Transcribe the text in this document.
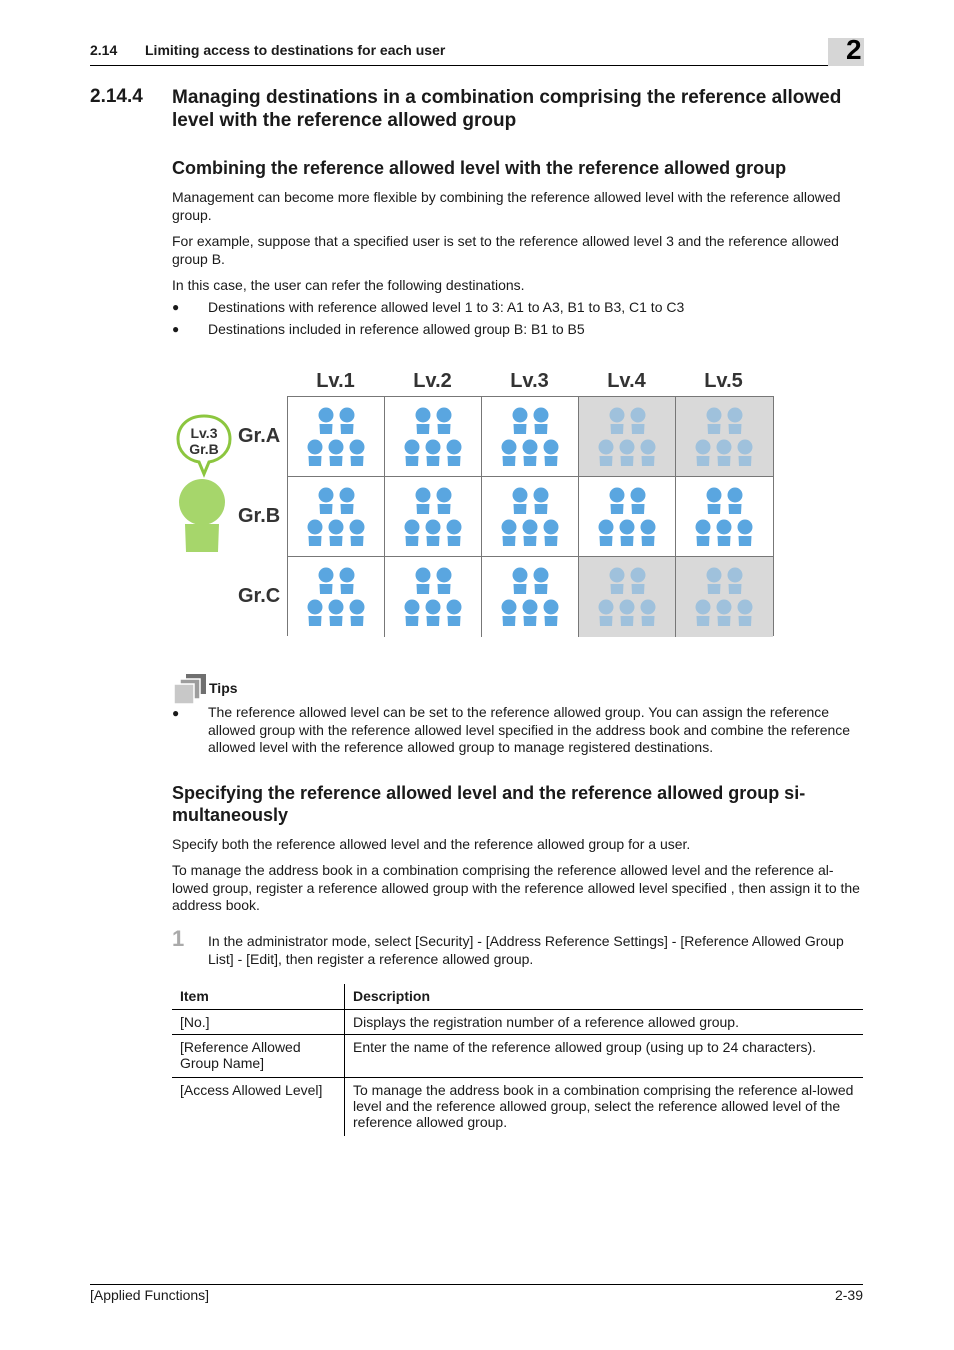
2.14 Limiting access to destinations for each user	2
2.14.4 Managing destinations in a combination comprising the reference allowed level with the reference allowed group
Combining the reference allowed level with the reference allowed group
Management can become more flexible by combining the reference allowed level with the reference allowed group.
For example, suppose that a specified user is set to the reference allowed level 3 and the reference allowed group B.
In this case, the user can refer the following destinations.
● Destinations with reference allowed level 1 to 3: A1 to A3, B1 to B3, C1 to C3
● Destinations included in reference allowed group B: B1 to B5
Lv.1	Lv.2	Lv.3	Lv.4	Lv.5
Gr.A
Gr.B
Gr.C
Lv.3
Gr.B
Tips
● The reference allowed level can be set to the reference allowed group. You can assign the reference allowed group with the reference allowed level specified in the address book and combine the reference allowed level with the reference allowed group to manage registered destinations.
Specifying the reference allowed level and the reference allowed group si-multaneously
Specify both the reference allowed level and the reference allowed group for a user.
To manage the address book in a combination comprising the reference allowed level and the reference al-lowed group, register a reference allowed group with the reference allowed level specified , then assign it to the address book.
1 In the administrator mode, select [Security] - [Address Reference Settings] - [Reference Allowed Group List] - [Edit], then register a reference allowed group.
Item	Description
[No.]	Displays the registration number of a reference allowed group.
[Reference Allowed Group Name]	Enter the name of the reference allowed group (using up to 24 characters).
[Access Allowed Level]	To manage the address book in a combination comprising the reference al-lowed level and the reference allowed group, select the reference allowed level of the reference allowed group.
[Applied Functions]	2-39
